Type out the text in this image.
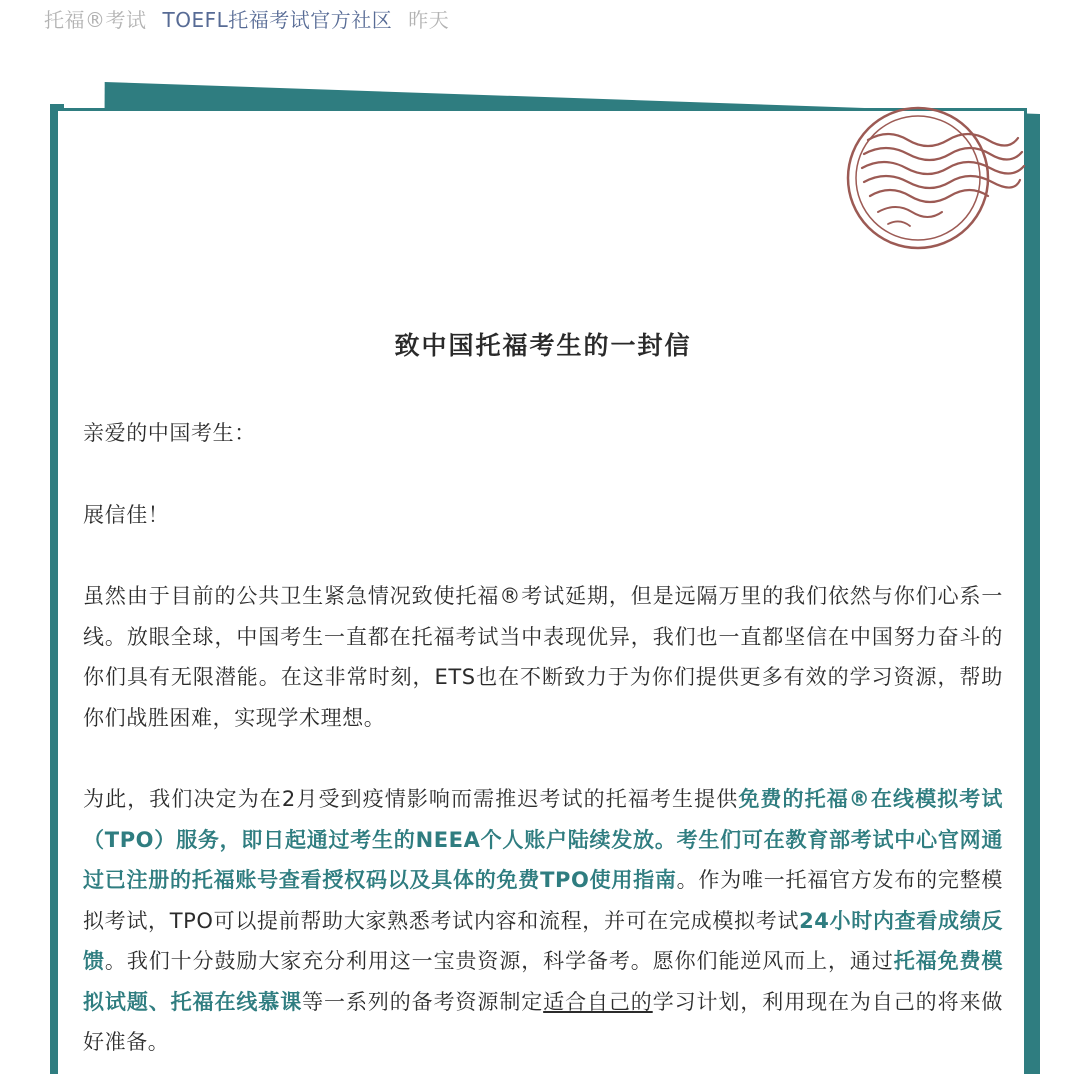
托福®考试 TOEFL托福考试官方社区 昨天
致中国托福考生的一封信

亲爱的中国考生：

展信佳！

虽然由于目前的公共卫生紧急情况致使托福®考试延期，但是远隔万里的我们依然与你们心系一线。放眼全球，中国考生一直都在托福考试当中表现优异，我们也一直都坚信在中国努力奋斗的你们具有无限潜能。在这非常时刻，ETS也在不断致力于为你们提供更多有效的学习资源，帮助你们战胜困难，实现学术理想。

为此，我们决定为在2月受到疫情影响而需推迟考试的托福考生提供免费的托福®在线模拟考试（TPO）服务，即日起通过考生的NEEA个人账户陆续发放。考生们可在教育部考试中心官网通过已注册的托福账号查看授权码以及具体的免费TPO使用指南。作为唯一托福官方发布的完整模拟考试，TPO可以提前帮助大家熟悉考试内容和流程，并可在完成模拟考试24小时内查看成绩反馈。我们十分鼓励大家充分利用这一宝贵资源，科学备考。愿你们能逆风而上，通过托福免费模拟试题、托福在线慕课等一系列的备考资源制定适合自己的学习计划，利用现在为自己的将来做好准备。
